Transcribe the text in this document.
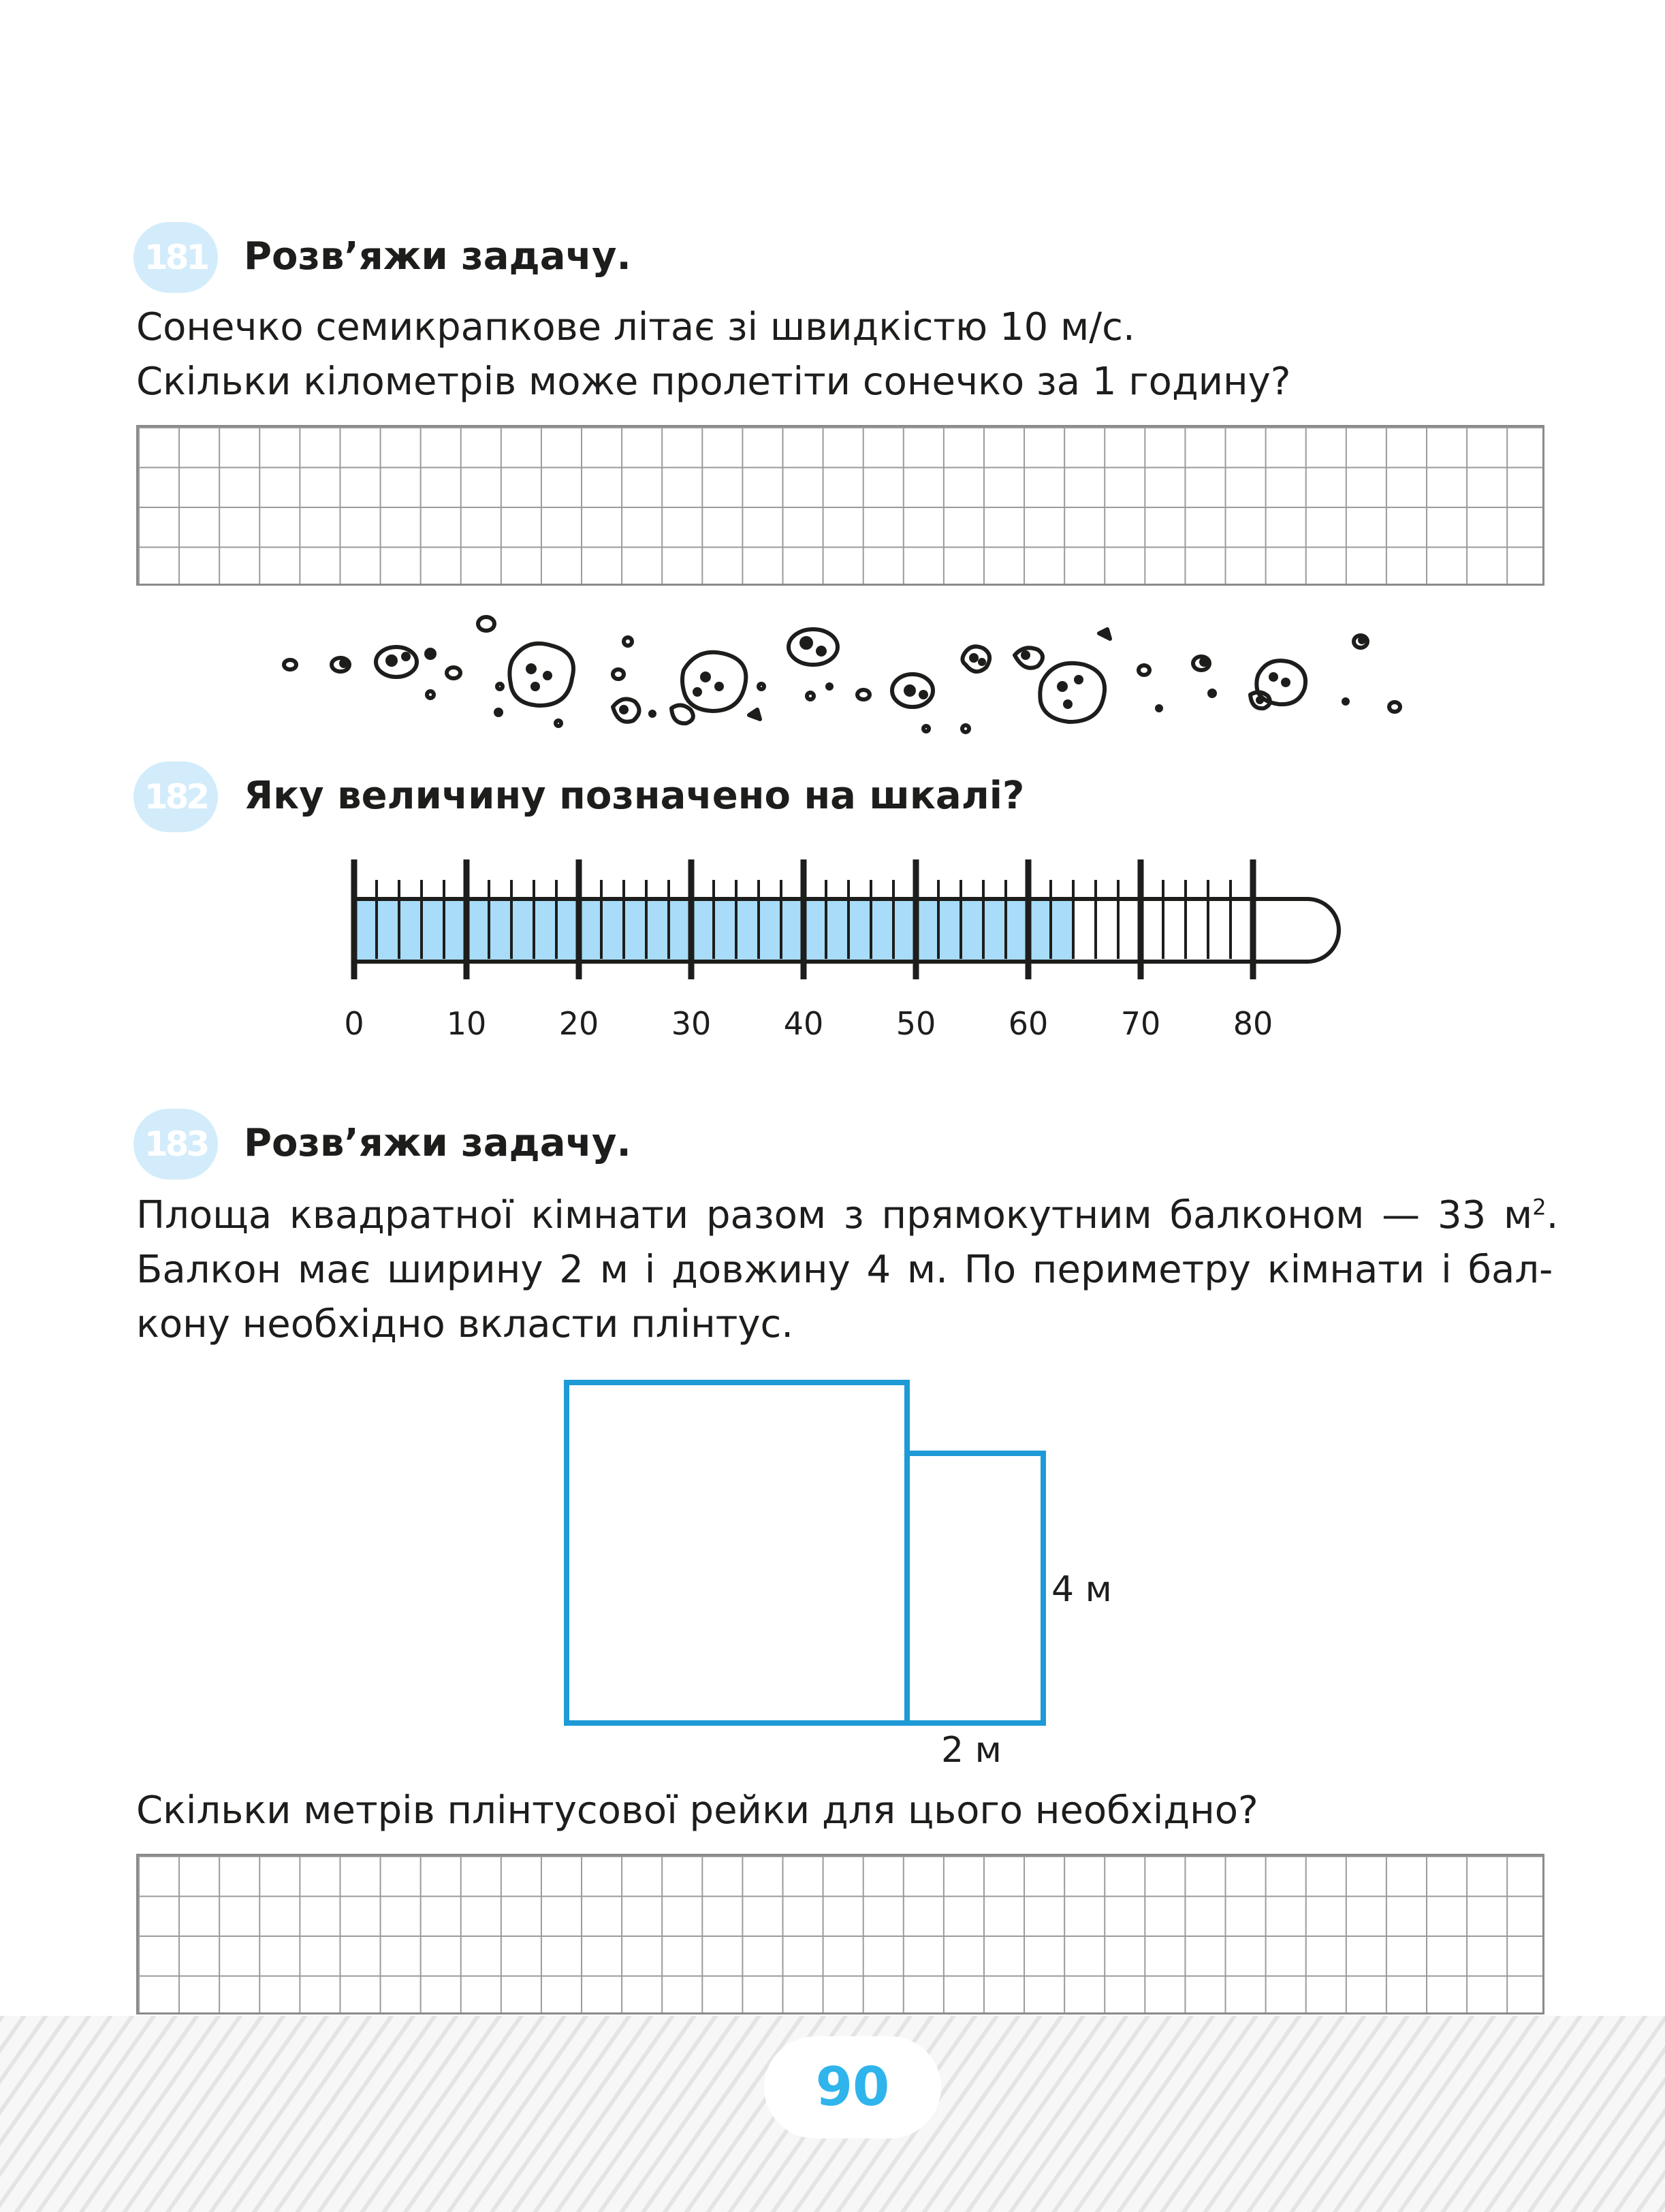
181 Розв’яжи задачу.
Сонечко семикрапкове літає зі швидкістю 10 м/с.
Скільки кілометрів може пролетіти сонечко за 1 годину?
182 Яку величину позначено на шкалі?
0	10 20 30 40 50 60 70 80
183 Розв’яжи задачу.
Площа квадратної кімнати разом з прямокутним балконом — 33 $м^2$.
Балкон має ширину 2 м і довжину 4 м. По периметру кімнати і бал-
кону необхідно вкласти плінтус.
4 м
2 м
Скільки метрів плінтусової рейки для цього необхідно?
90
